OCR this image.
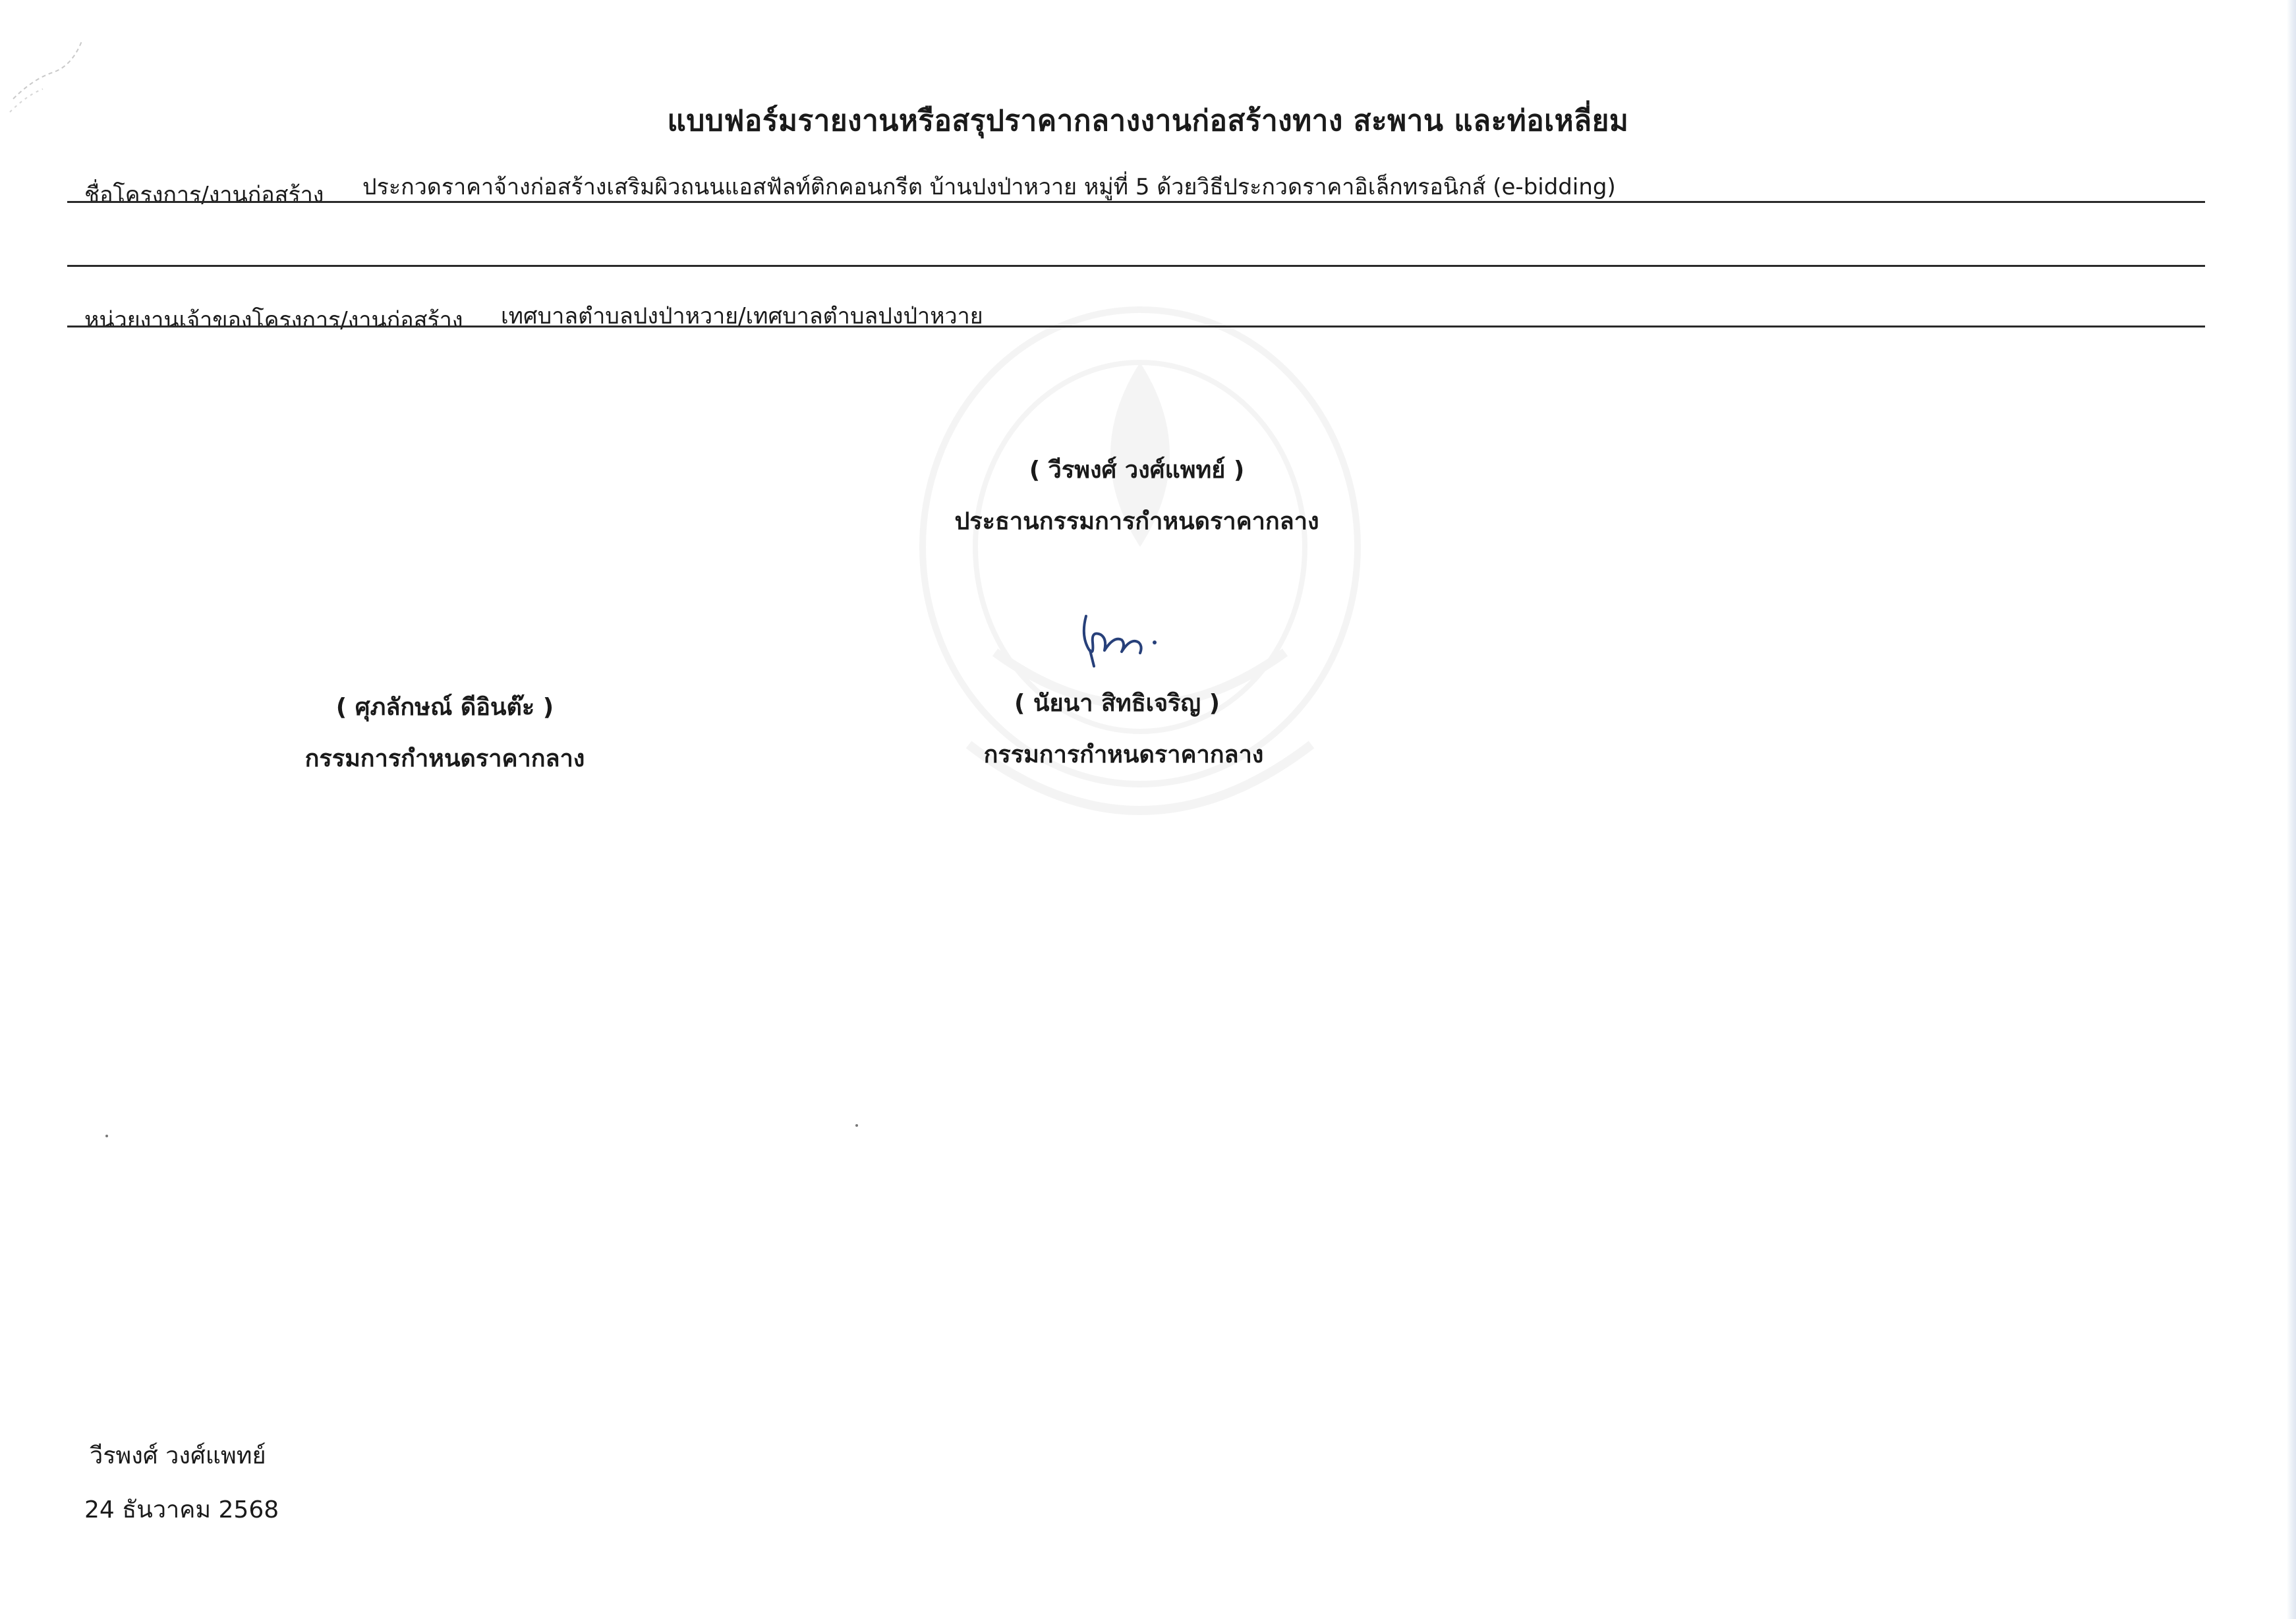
แบบฟอร์มรายงานหรือสรุปราคากลางงานก่อสร้างทาง สะพาน และท่อเหลี่ยม
ชื่อโครงการ/งานก่อสร้าง ประกวดราคาจ้างก่อสร้างเสริมผิวถนนแอสฟัลท์ติกคอนกรีต บ้านปงป่าหวาย หมู่ที่ 5 ด้วยวิธีประกวดราคาอิเล็กทรอนิกส์ (e-bidding)
หน่วยงานเจ้าของโครงการ/งานก่อสร้าง เทศบาลตำบลปงป่าหวาย/เทศบาลตำบลปงป่าหวาย
( วีรพงศ์ วงศ์แพทย์ )
ประธานกรรมการกำหนดราคากลาง
( ศุภลักษณ์ ดีอินต๊ะ )
กรรมการกำหนดราคากลาง
( นัยนา สิทธิเจริญ )
กรรมการกำหนดราคากลาง
วีรพงศ์ วงศ์แพทย์
24 ธันวาคม 2568
